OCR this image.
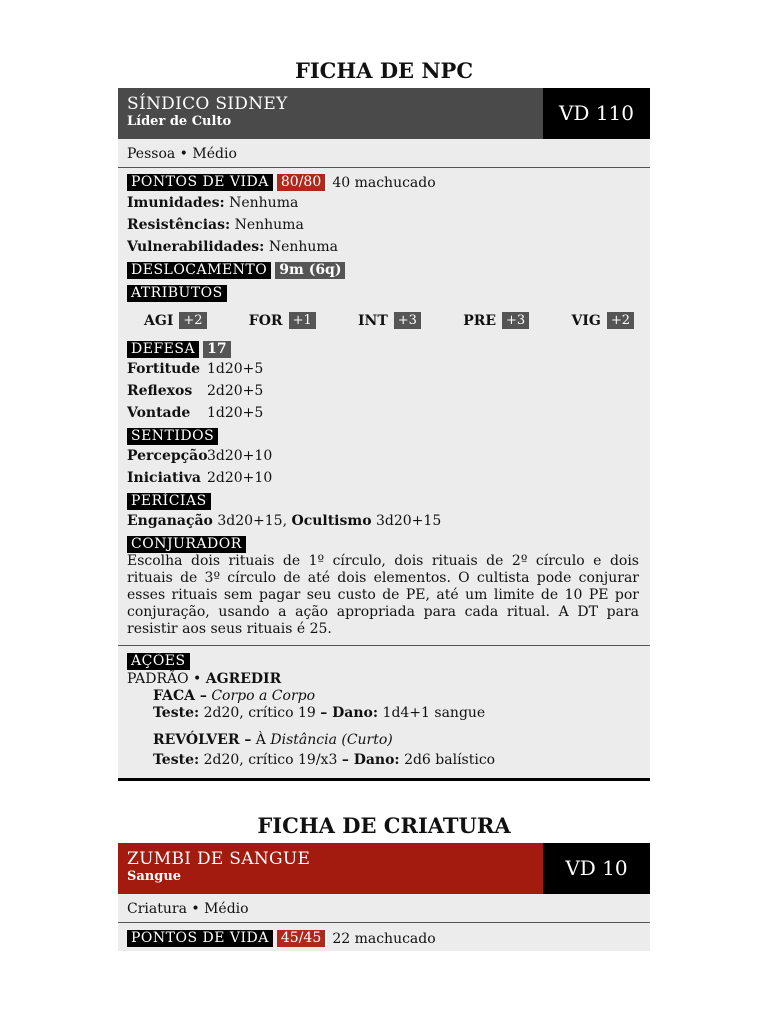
FICHA DE NPC
SÍNDICO SIDNEY
Líder de Culto	VD 110
Pessoa • Médio
PONTOS DE VIDA 80/80 40 machucado
Imunidades: Nenhuma
Resistências: Nenhuma
Vulnerabilidades: Nenhuma
DESLOCAMENTO 9m (6q)
ATRIBUTOS
AGI +2	FOR +1	INT +3	PRE +3	VIG +2
DEFESA 17
Fortitude 1d20+5
Reflexos 2d20+5
Vontade 1d20+5
SENTIDOS
Percepção3d20+10
Iniciativa 2d20+10
PERÍCIAS
Enganação 3d20+15, Ocultismo 3d20+15
CONJURADOR
Escolha dois rituais de 1º círculo, dois rituais de 2º círculo e dois rituais de 3º círculo de até dois elementos. O cultista pode conjurar esses rituais sem pagar seu custo de PE, até um limite de 10 PE por conjuração, usando a ação apropriada para cada ritual. A DT para resistir aos seus rituais é 25.
AÇÕES
PADRÃO • AGREDIR
FACA – Corpo a Corpo
Teste: 2d20, crítico 19 – Dano: 1d4+1 sangue
REVÓLVER – À Distância (Curto)
Teste: 2d20, crítico 19/x3 – Dano: 2d6 balístico
FICHA DE CRIATURA
ZUMBI DE SANGUE
Sangue	VD 10
Criatura • Médio
PONTOS DE VIDA 45/45 22 machucado
